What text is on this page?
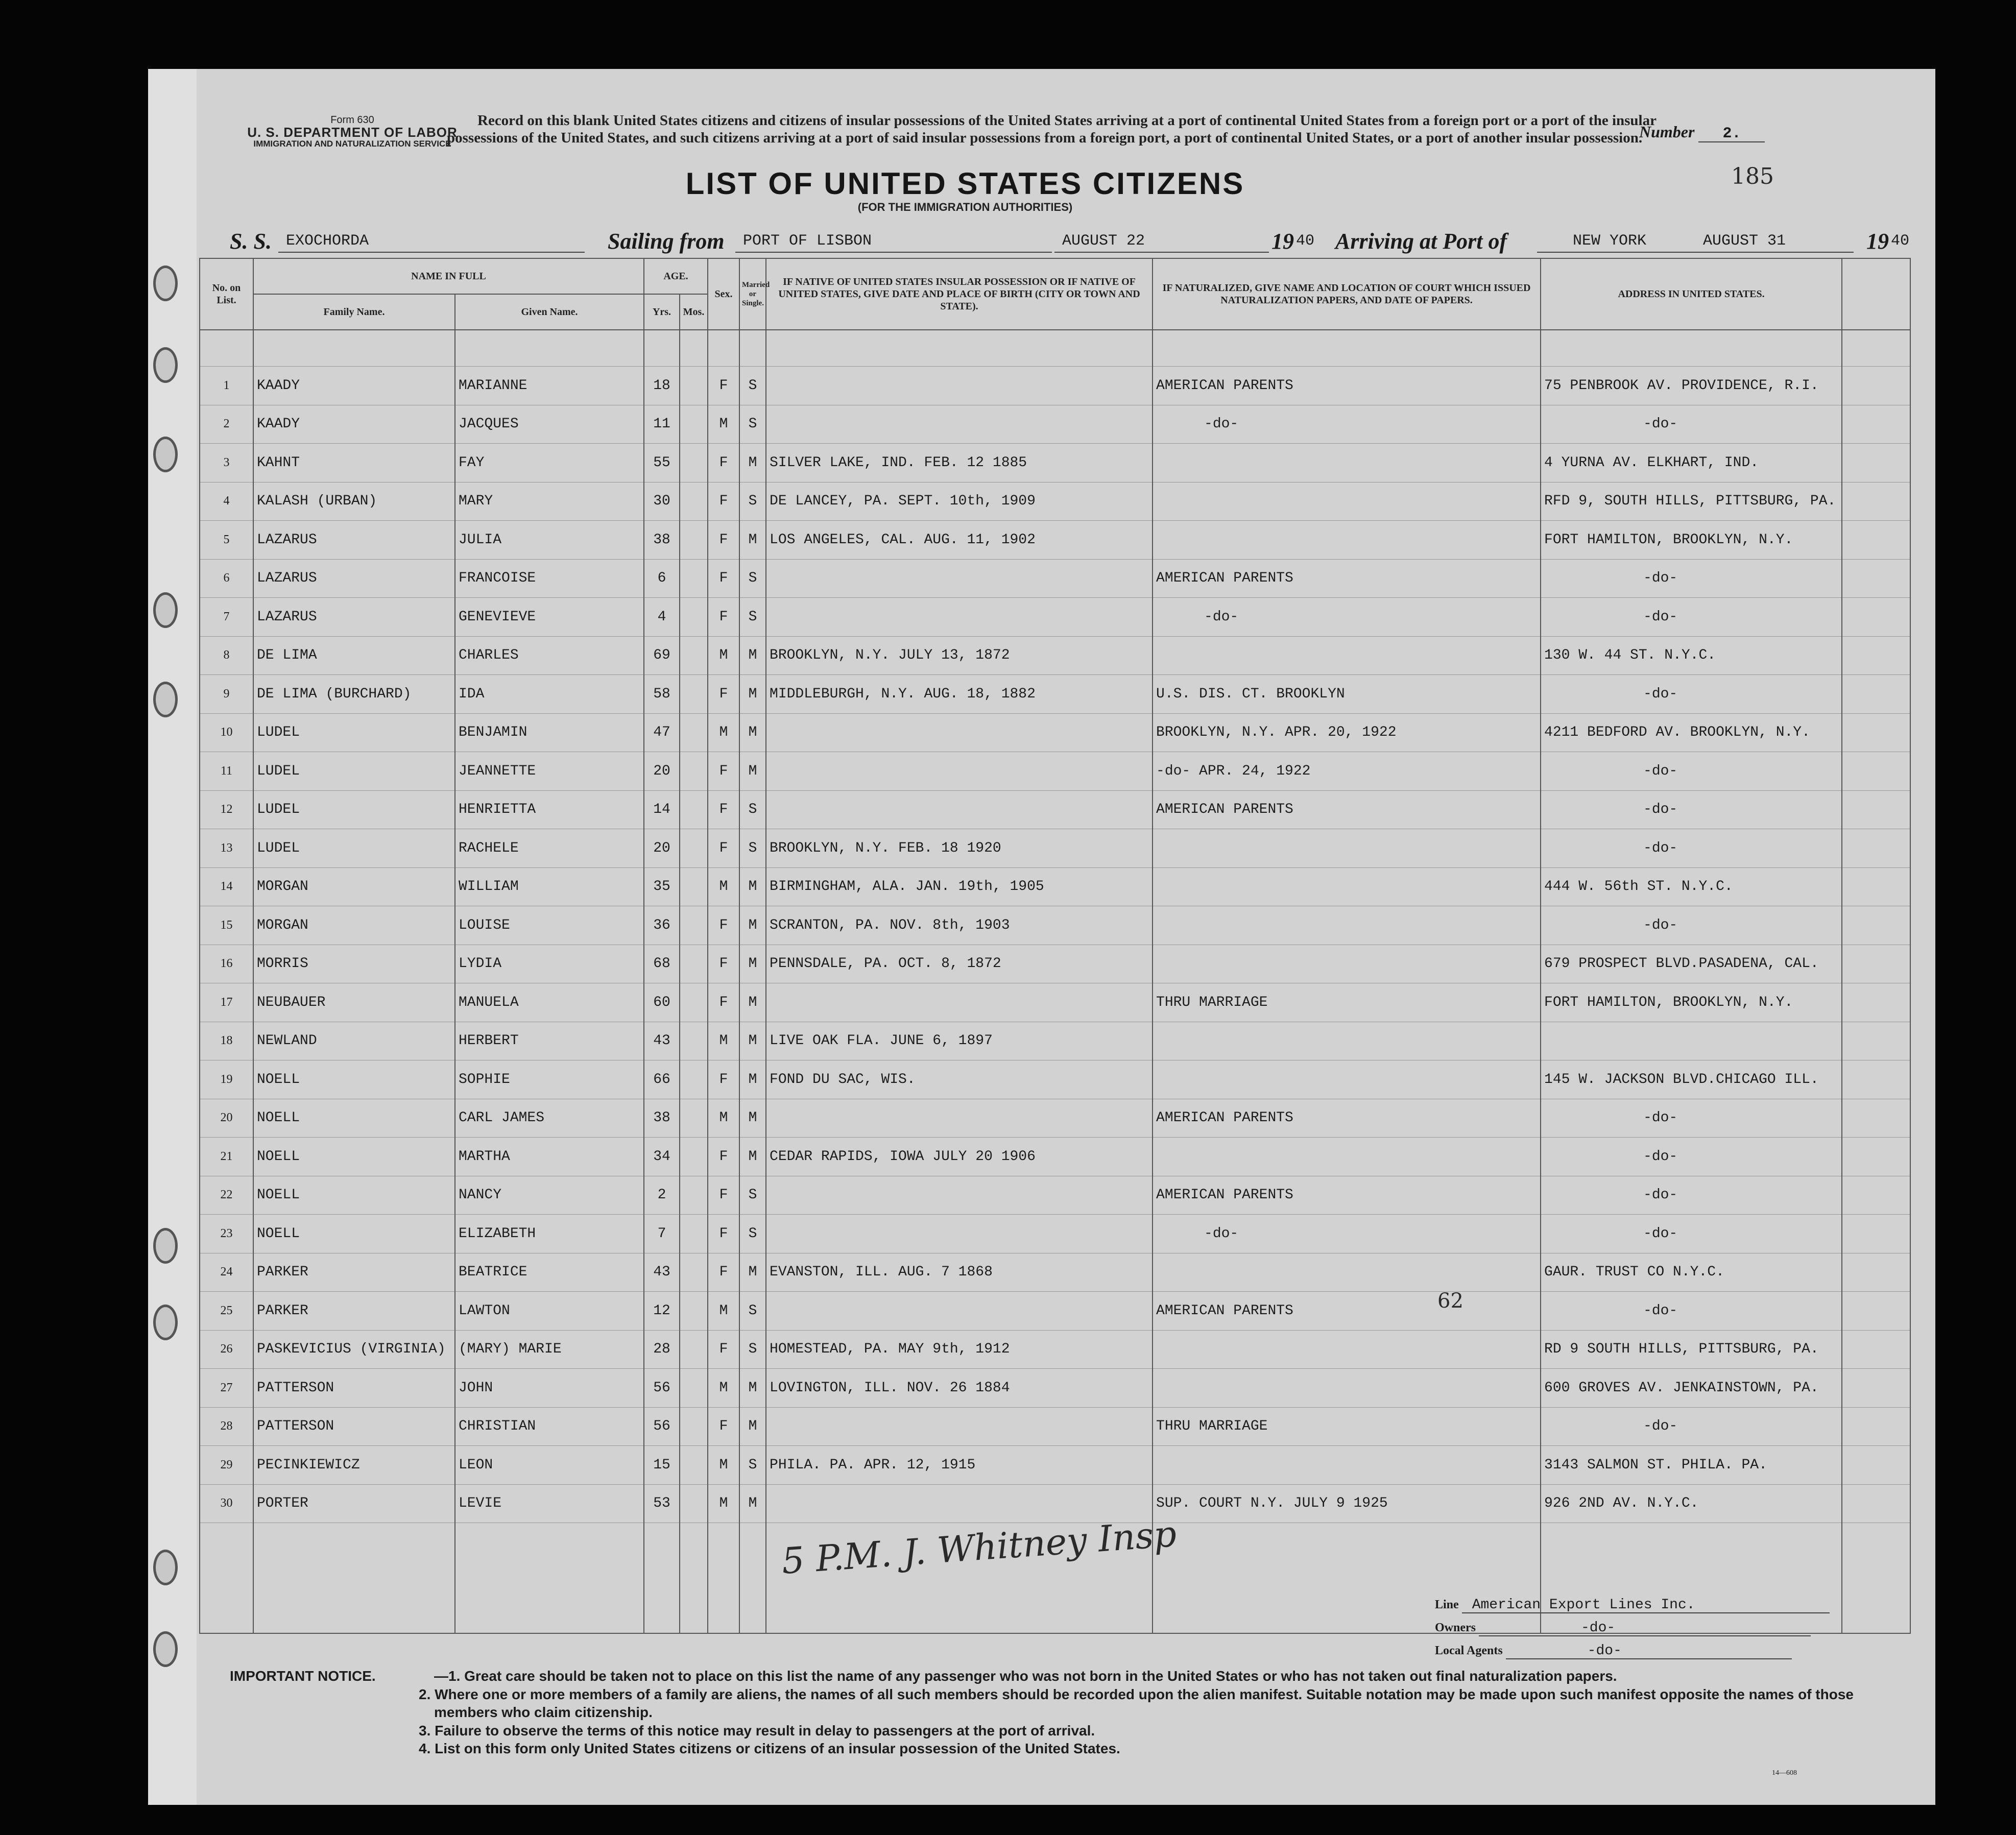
Form 630
U. S. DEPARTMENT OF LABOR
IMMIGRATION AND NATURALIZATION SERVICE
Record on this blank United States citizens and citizens of insular possessions of the United States arriving at a port of continental United States from a foreign port or a port of the insular possessions of the United States, and such citizens arriving at a port of said insular possessions from a foreign port, a port of continental United States, or a port of another insular possession.
Number 2.
185
LIST OF UNITED STATES CITIZENS
(FOR THE IMMIGRATION AUTHORITIES)
S. S. EXOCHORDA	Sailing from PORT OF LISBON	AUGUST 22	19 40 Arriving at Port of	NEW YORK	AUGUST 31	19 40
No. on List.	NAME IN FULL		AGE.		Sex.	Married or Single.	IF NATIVE OF UNITED STATES INSULAR POSSESSION OR IF NATIVE OF UNITED STATES, GIVE DATE AND PLACE OF BIRTH (CITY OR TOWN AND STATE).	IF NATURALIZED, GIVE NAME AND LOCATION OF COURT WHICH ISSUED NATURALIZATION PAPERS, AND DATE OF PAPERS.	ADDRESS IN UNITED STATES.	
	Family Name.	Given Name.	Yrs.	Mos.						

1	KAADY	MARIANNE	18		F	S		AMERICAN PARENTS	75 PENBROOK AV. PROVIDENCE, R.I.	
2	KAADY	JACQUES	11		M	S		-do-	-do-	
3	KAHNT	FAY	55		F	M	SILVER LAKE, IND. FEB. 12 1885		4 YURNA AV. ELKHART, IND.	
4	KALASH (URBAN)	MARY	30		F	S	DE LANCEY, PA. SEPT. 10th, 1909		RFD 9, SOUTH HILLS, PITTSBURG, PA.	
5	LAZARUS	JULIA	38		F	M	LOS ANGELES, CAL. AUG. 11, 1902		FORT HAMILTON, BROOKLYN, N.Y.	
6	LAZARUS	FRANCOISE	6		F	S		AMERICAN PARENTS	-do-	
7	LAZARUS	GENEVIEVE	4		F	S		-do-	-do-	
8	DE LIMA	CHARLES	69		M	M	BROOKLYN, N.Y. JULY 13, 1872		130 W. 44 ST. N.Y.C.	
9	DE LIMA (BURCHARD)	IDA	58		F	M	MIDDLEBURGH, N.Y. AUG. 18, 1882	U.S. DIS. CT. BROOKLYN	-do-	
10	LUDEL	BENJAMIN	47		M	M		BROOKLYN, N.Y. APR. 20, 1922	4211 BEDFORD AV. BROOKLYN, N.Y.	
11	LUDEL	JEANNETTE	20		F	M		-do- APR. 24, 1922	-do-	
12	LUDEL	HENRIETTA	14		F	S		AMERICAN PARENTS	-do-	
13	LUDEL	RACHELE	20		F	S	BROOKLYN, N.Y. FEB. 18 1920		-do-	
14	MORGAN	WILLIAM	35		M	M	BIRMINGHAM, ALA. JAN. 19th, 1905		444 W. 56th ST. N.Y.C.	
15	MORGAN	LOUISE	36		F	M	SCRANTON, PA. NOV. 8th, 1903		-do-	
16	MORRIS	LYDIA	68		F	M	PENNSDALE, PA. OCT. 8, 1872		679 PROSPECT BLVD.PASADENA, CAL.	
17	NEUBAUER	MANUELA	60		F	M		THRU MARRIAGE	FORT HAMILTON, BROOKLYN, N.Y.	
18	NEWLAND	HERBERT	43		M	M	LIVE OAK FLA. JUNE 6, 1897			
19	NOELL	SOPHIE	66		F	M	FOND DU SAC, WIS.		145 W. JACKSON BLVD.CHICAGO ILL.	
20	NOELL	CARL JAMES	38		M	M		AMERICAN PARENTS	-do-	
21	NOELL	MARTHA	34		F	M	CEDAR RAPIDS, IOWA JULY 20 1906		-do-	
22	NOELL	NANCY	2		F	S		AMERICAN PARENTS	-do-	
23	NOELL	ELIZABETH	7		F	S		-do-	-do-	
24	PARKER	BEATRICE	43		F	M	EVANSTON, ILL. AUG. 7 1868		GAUR. TRUST CO N.Y.C.	
25	PARKER	LAWTON	12		M	S		AMERICAN PARENTS	-do-	
26	PASKEVICIUS (VIRGINIA)	(MARY) MARIE	28		F	S	HOMESTEAD, PA. MAY 9th, 1912		RD 9 SOUTH HILLS, PITTSBURG, PA.	
27	PATTERSON	JOHN	56		M	M	LOVINGTON, ILL. NOV. 26 1884		600 GROVES AV. JENKAINSTOWN, PA.	
28	PATTERSON	CHRISTIAN	56		F	M		THRU MARRIAGE	-do-	
29	PECINKIEWICZ	LEON	15		M	S	PHILA. PA. APR. 12, 1915		3143 SALMON ST. PHILA. PA.	
30	PORTER	LEVIE	53		M	M		SUP. COURT N.Y. JULY 9 1925	926 2ND AV. N.Y.C.	

62
5 P.M. J. Whitney Insp
Line American Export Lines Inc.
Owners	-do-
Local Agents	-do-
IMPORTANT NOTICE.	—1. Great care should be taken not to place on this list the name of any passenger who was not born in the United States or who has not taken out final naturalization papers.
2. Where one or more members of a family are aliens, the names of all such members should be recorded upon the alien manifest. Suitable notation may be made upon such manifest opposite the names of those members who claim citizenship.
3. Failure to observe the terms of this notice may result in delay to passengers at the port of arrival.
4. List on this form only United States citizens or citizens of an insular possession of the United States.
14—608
